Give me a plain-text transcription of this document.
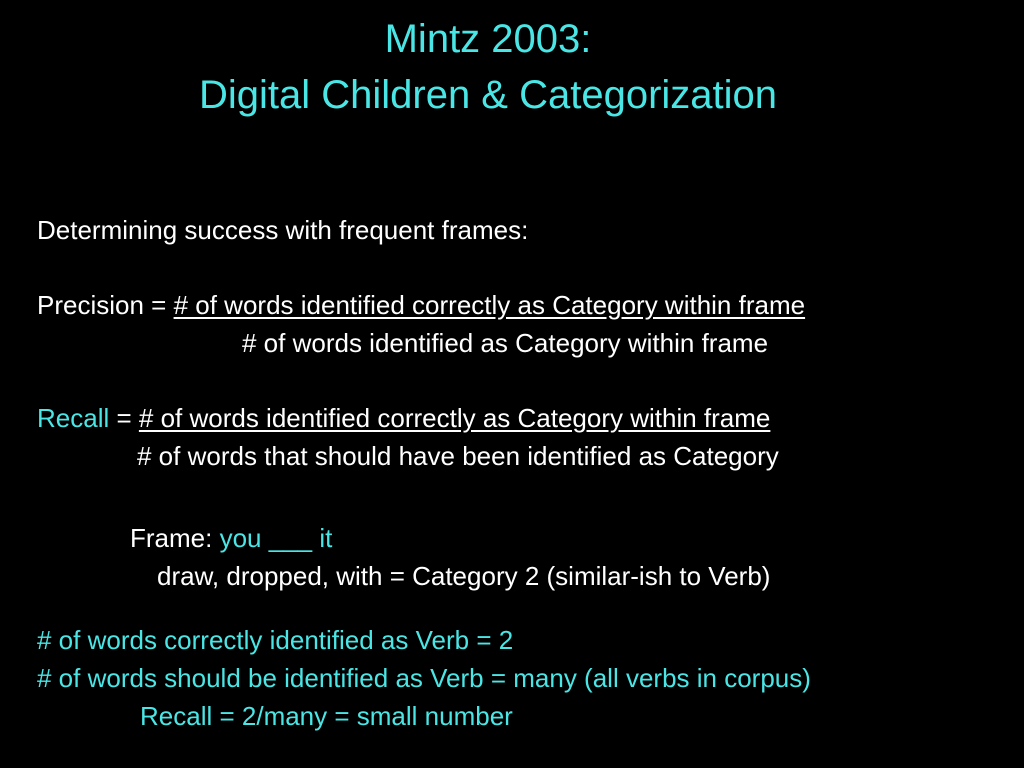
Mintz 2003:
Digital Children & Categorization
Determining success with frequent frames:
Precision = # of words identified correctly as Category within frame
# of words identified as Category within frame
Recall = # of words identified correctly as Category within frame
# of words that should have been identified as Category
Frame: you ___ it
draw, dropped, with = Category 2 (similar-ish to Verb)
# of words correctly identified as Verb = 2
# of words should be identified as Verb = many (all verbs in corpus)
Recall = 2/many = small number
